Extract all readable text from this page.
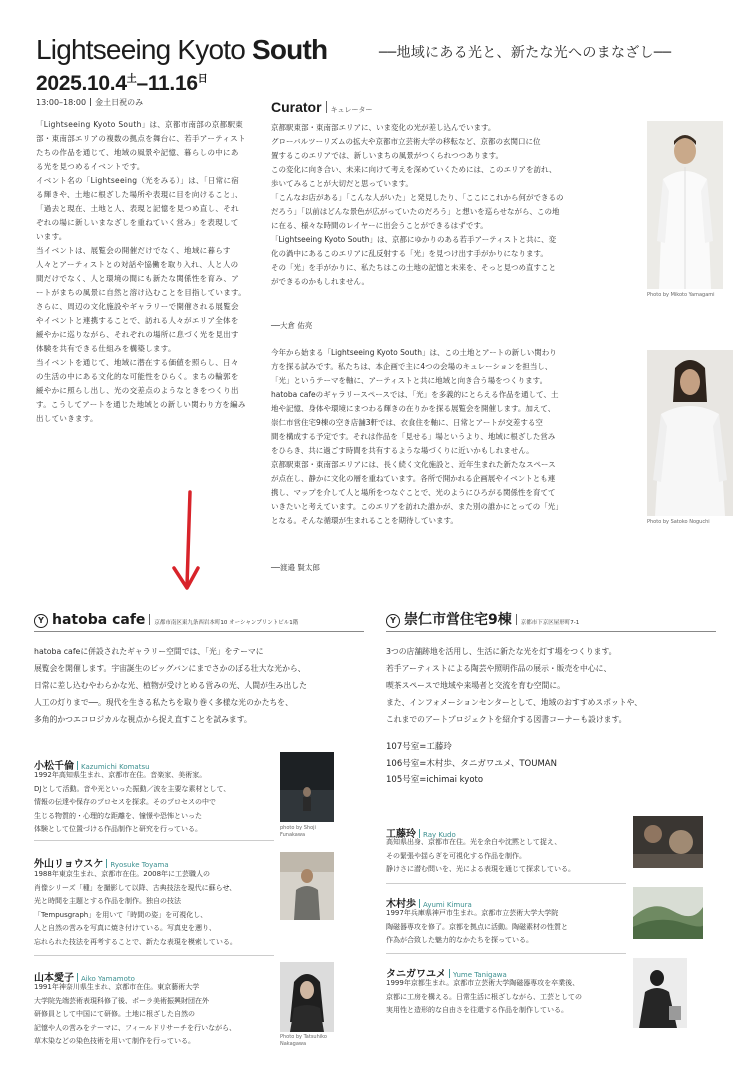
Lightseeing Kyoto South	──地域にある光と、新たな光へのまなざし──
$2025.10.4^土-11.16^日$
13:00–18:00 金土日祝のみ

「Lightseeing Kyoto South」は、京都市南部の京都駅東部・東南部エリアの複数の拠点を舞台に、若手アーティストたちの作品を通じて、地域の風景や記憶、暮らしの中にある光を見つめるイベントです。

イベント名の「Lightseeing（光をみる）」は、「日常に宿る輝きや、土地に根ざした場所や表現に目を向けること」、「過去と現在、土地と人、表現と記憶を見つめ直し、それぞれの場に新しいまなざしを重ねていく営み」を表現しています。

当イベントは、展覧会の開催だけでなく、地域に暮らす人々とアーティストとの対話や協働を取り入れ、人と人の間だけでなく、人と環境の間にも新たな関係性を育み、アートがまちの風景に自然と溶け込むことを目指しています。

さらに、周辺の文化施設やギャラリーで開催される展覧会やイベントと連携することで、訪れる人々がエリア全体を緩やかに巡りながら、それぞれの場所に息づく光を見出す体験を共有できる仕組みを構築します。

当イベントを通じて、地域に潜在する価値を照らし、日々の生活の中にある文化的な可能性をひらく。まちの輪郭を緩やかに照らし出し、光の交差点のようなときをつくり出す。こうしてアートを通じた地域との新しい関わり方を編み出していきます。

Curator キュレーター

京都駅東部・東南部エリアに、いま変化の光が差し込んでいます。

グローバルツーリズムの拡大や京都市立芸術大学の移転など、京都の玄関口に位

置するこのエリアでは、新しいまちの風景がつくられつつあります。

この変化に向き合い、未来に向けて考えを深めていくためには、このエリアを訪れ、

歩いてみることが大切だと思っています。

「こんなお店がある」「こんな人がいた」と発見したり、「ここにこれから何ができるの

だろう」「以前はどんな景色が広がっていたのだろう」と想いを巡らせながら、この地

に在る、様々な時間のレイヤーに出会うことができるはずです。

「Lightseeing Kyoto South」は、京都にゆかりのある若手アーティストと共に、変

化の渦中にあるこのエリアに乱反射する「光」を見つけ出す手がかりになります。

その「光」を手がかりに、私たちはこの土地の記憶と未来を、そっと見つめ直すこと

ができるのかもしれません。

──大倉 佑亮

今年から始まる「Lightseeing Kyoto South」は、この土地とアートの新しい関わり

方を探る試みです。私たちは、本企画で主に4つの会場のキュレーションを担当し、

「光」というテーマを軸に、アーティストと共に地域と向き合う場をつくります。

hatoba cafeのギャラリースペースでは、「光」を多義的にとらえる作品を通して、土

地や記憶、身体や環境にまつわる輝きの在りかを探る展覧会を開催します。加えて、

崇仁市営住宅9棟の空き店舗3軒では、衣食住を軸に、日常とアートが交差する空

間を構成する予定です。それは作品を「見せる」場というより、地域に根ざした営み

をひらき、共に過ごす時間を共有するような場づくりに近いかもしれません。

京都駅東部・東南部エリアには、長く続く文化施設と、近年生まれた新たなスペース

が点在し、静かに文化の層を重ねています。各所で開かれる企画展やイベントとも連

携し、マップを介して人と場所をつなぐことで、光のようにひろがる関係性を育てて

いきたいと考えています。このエリアを訪れた誰かが、また別の誰かにとっての「光」

となる。そんな循環が生まれることを期待しています。

──渡邉 賢太郎
Photo by Mikoto Yamagami
Photo by Satoko Noguchi
Y hatoba cafe 京都市南区東九条西岩本町10 オーシャンプリントビル1階

hatoba cafeに併設されたギャラリー空間では、「光」をテーマに

展覧会を開催します。宇宙誕生のビッグバンにまでさかのぼる壮大な光から、

日常に差し込むやわらかな光、植物が受けとめる営みの光、人間が生み出した

人工の灯りまで──。現代を生きる私たちを取り巻く多様な光のかたちを、

多角的かつエコロジカルな視点から捉え直すことを試みます。

小松千倫 Kazumichi Komatsu

1992年高知県生まれ、京都市在住。音楽家、美術家。

DJとして活動。音や光といった振動／波を主要な素材として、

情報の伝達や保存のプロセスを探求。そのプロセスの中で

生じる物質的・心理的な距離を、憧憬や恐怖といった

体験として位置づける作品制作と研究を行っている。	photo by Shoji Funakawa
外山リョウスケ Ryosuke Toyama

1988年東京生まれ、京都市在住。2008年に工芸職人の

肖像シリーズ「種」を撮影して以降、古典技法を現代に蘇らせ、

光と時間を主題とする作品を制作。独自の技法

「Tempusgraph」を用いて「時間の姿」を可視化し、

人と自然の営みを写真に焼き付けている。写真史を遡り、

忘れられた技法を再考することで、新たな表現を模索している。

山本愛子 Aiko Yamamoto

1991年神奈川県生まれ、京都市在住。東京藝術大学

大学院先端芸術表現科修了後、ポーラ美術振興財団在外

研修員として中国にて研修。土地に根ざした自然の

記憶や人の営みをテーマに、フィールドリサーチを行いながら、

草木染などの染色技術を用いて制作を行っている。	Photo by Tatsuhiko Nakagawa
Y 崇仁市営住宅9棟 京都市下京区屋形町7-1

3つの店舗跡地を活用し、生活に新たな光を灯す場をつくります。

若手アーティストによる陶芸や照明作品の展示・販売を中心に、

喫茶スペースで地域や来場者と交流を育む空間に。

また、インフォメーションセンターとして、地域のおすすめスポットや、

これまでのアートプロジェクトを紹介する図書コーナーも設けます。

107号室=工藤玲

106号室=木村歩、タニガワユメ、TOUMAN

105号室=ichimai kyoto

工藤玲 Ray Kudo

高知県出身、京都市在住。光を余白や沈黙として捉え、

その緊張や揺らぎを可視化する作品を制作。

静けさに潜む問いを、光による表現を通じて探求している。

木村歩 Ayumi Kimura

1997年兵庫県神戸市生まれ。京都市立芸術大学大学院

陶磁器専攻を修了。京都を拠点に活動。陶磁素材の性質と

作為が合致した魅力的なかたちを探っている。

タニガワユメ Yume Tanigawa

1999年京都生まれ。京都市立芸術大学陶磁器専攻を卒業後、

京都に工房を構える。日常生活に根ざしながら、工芸としての

実用性と造形的な自由さを往還する作品を制作している。
